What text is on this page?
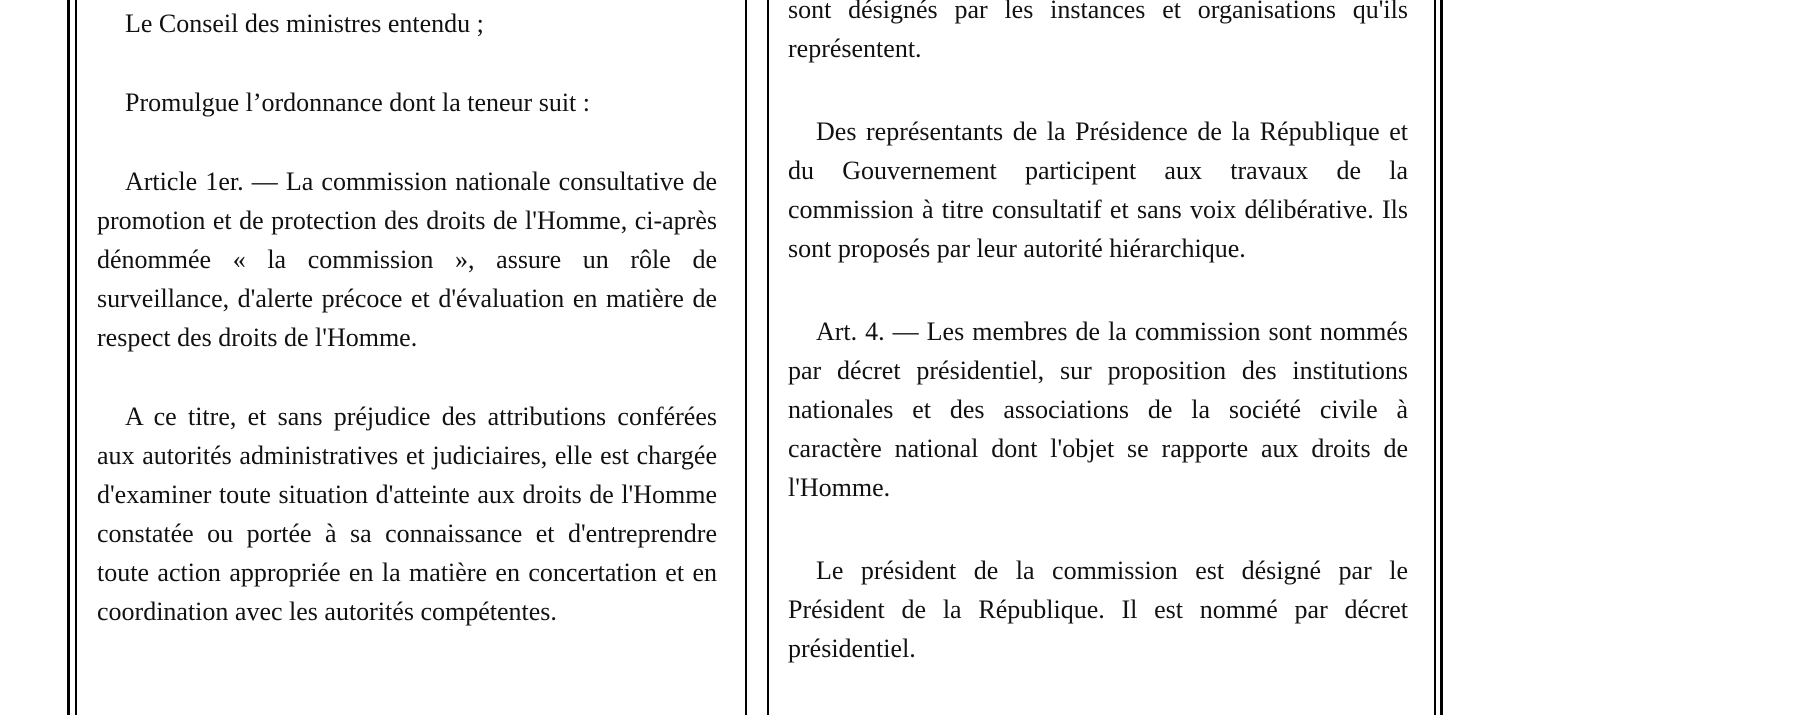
Le Conseil des ministres entendu ;

Promulgue l’ordonnance dont la teneur suit :

Article 1er. — La commission nationale consultative de promotion et de protection des droits de l'Homme, ci-après dénommée « la commission », assure un rôle de surveillance, d'alerte précoce et d'évaluation en matière de respect des droits de l'Homme.

A ce titre, et sans préjudice des attributions conférées aux autorités administratives et judiciaires, elle est chargée d'examiner toute situation d'atteinte aux droits de l'Homme constatée ou portée à sa connaissance et d'entreprendre toute action appropriée en la matière en concertation et en coordination avec les autorités compétentes.

sont désignés par les instances et organisations qu'ils représentent.

Des représentants de la Présidence de la République et du Gouvernement participent aux travaux de la commission à titre consultatif et sans voix délibérative. Ils sont proposés par leur autorité hiérarchique.

Art. 4. — Les membres de la commission sont nommés par décret présidentiel, sur proposition des institutions nationales et des associations de la société civile à caractère national dont l'objet se rapporte aux droits de l'Homme.

Le président de la commission est désigné par le Président de la République. Il est nommé par décret présidentiel.
